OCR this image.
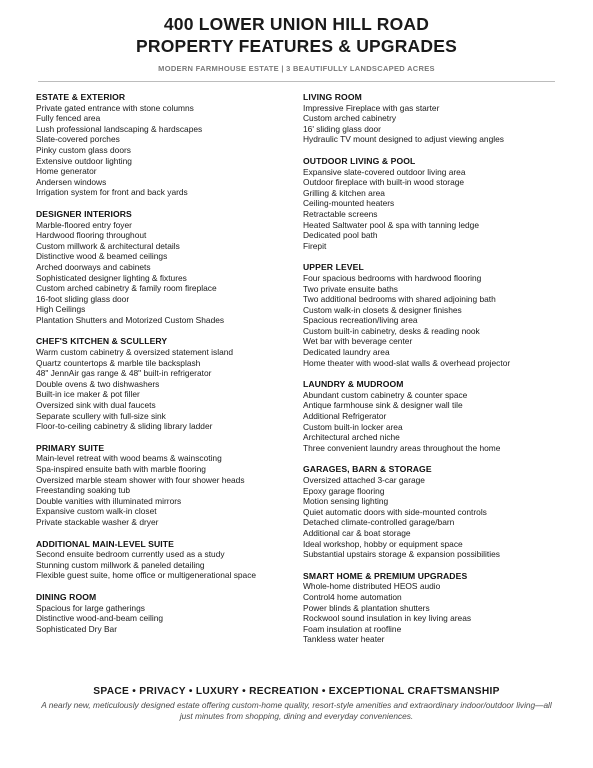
400 LOWER UNION HILL ROAD
PROPERTY FEATURES & UPGRADES
MODERN FARMHOUSE ESTATE | 3 BEAUTIFULLY LANDSCAPED ACRES
ESTATE & EXTERIOR
Private gated entrance with stone columns
Fully fenced area
Lush professional landscaping & hardscapes
Slate-covered porches
Pinky custom glass doors
Extensive outdoor lighting
Home generator
Andersen windows
Irrigation system for front and back yards
DESIGNER INTERIORS
Marble-floored entry foyer
Hardwood flooring throughout
Custom millwork & architectural details
Distinctive wood & beamed ceilings
Arched doorways and cabinets
Sophisticated designer lighting & fixtures
Custom arched cabinetry & family room fireplace
16-foot sliding glass door
High Ceilings
Plantation Shutters and Motorized Custom Shades
CHEF'S KITCHEN & SCULLERY
Warm custom cabinetry & oversized statement island
Quartz countertops & marble tile backsplash
48" JennAir gas range & 48" built-in refrigerator
Double ovens & two dishwashers
Built-in ice maker & pot filler
Oversized sink with dual faucets
Separate scullery with full-size sink
Floor-to-ceiling cabinetry & sliding library ladder
PRIMARY SUITE
Main-level retreat with wood beams & wainscoting
Spa-inspired ensuite bath with marble flooring
Oversized marble steam shower with four shower heads
Freestanding soaking tub
Double vanities with illuminated mirrors
Expansive custom walk-in closet
Private stackable washer & dryer
ADDITIONAL MAIN-LEVEL SUITE
Second ensuite bedroom currently used as a study
Stunning custom millwork & paneled detailing
Flexible guest suite, home office or multigenerational space
DINING ROOM
Spacious for large gatherings
Distinctive wood-and-beam ceiling
Sophisticated Dry Bar
LIVING ROOM
Impressive Fireplace with gas starter
Custom arched cabinetry
16' sliding glass door
Hydraulic TV mount designed to adjust viewing angles
OUTDOOR LIVING & POOL
Expansive slate-covered outdoor living area
Outdoor fireplace with built-in wood storage
Grilling & kitchen area
Ceiling-mounted heaters
Retractable screens
Heated Saltwater pool & spa with tanning ledge
Dedicated pool bath
Firepit
UPPER LEVEL
Four spacious bedrooms with hardwood flooring
Two private ensuite baths
Two additional bedrooms with shared adjoining bath
Custom walk-in closets & designer finishes
Spacious recreation/living area
Custom built-in cabinetry, desks & reading nook
Wet bar with beverage center
Dedicated laundry area
Home theater with wood-slat walls & overhead projector
LAUNDRY & MUDROOM
Abundant custom cabinetry & counter space
Antique farmhouse sink & designer wall tile
Additional Refrigerator
Custom built-in locker area
Architectural arched niche
Three convenient laundry areas throughout the home
GARAGES, BARN & STORAGE
Oversized attached 3-car garage
Epoxy garage flooring
Motion sensing lighting
Quiet automatic doors with side-mounted controls
Detached climate-controlled garage/barn
Additional car & boat storage
Ideal workshop, hobby or equipment space
Substantial upstairs storage & expansion possibilities
SMART HOME & PREMIUM UPGRADES
Whole-home distributed HEOS audio
Control4 home automation
Power blinds & plantation shutters
Rockwool sound insulation in key living areas
Foam insulation at roofline
Tankless water heater
SPACE • PRIVACY • LUXURY • RECREATION • EXCEPTIONAL CRAFTSMANSHIP
A nearly new, meticulously designed estate offering custom-home quality, resort-style amenities and extraordinary indoor/outdoor living—all just minutes from shopping, dining and everyday conveniences.
